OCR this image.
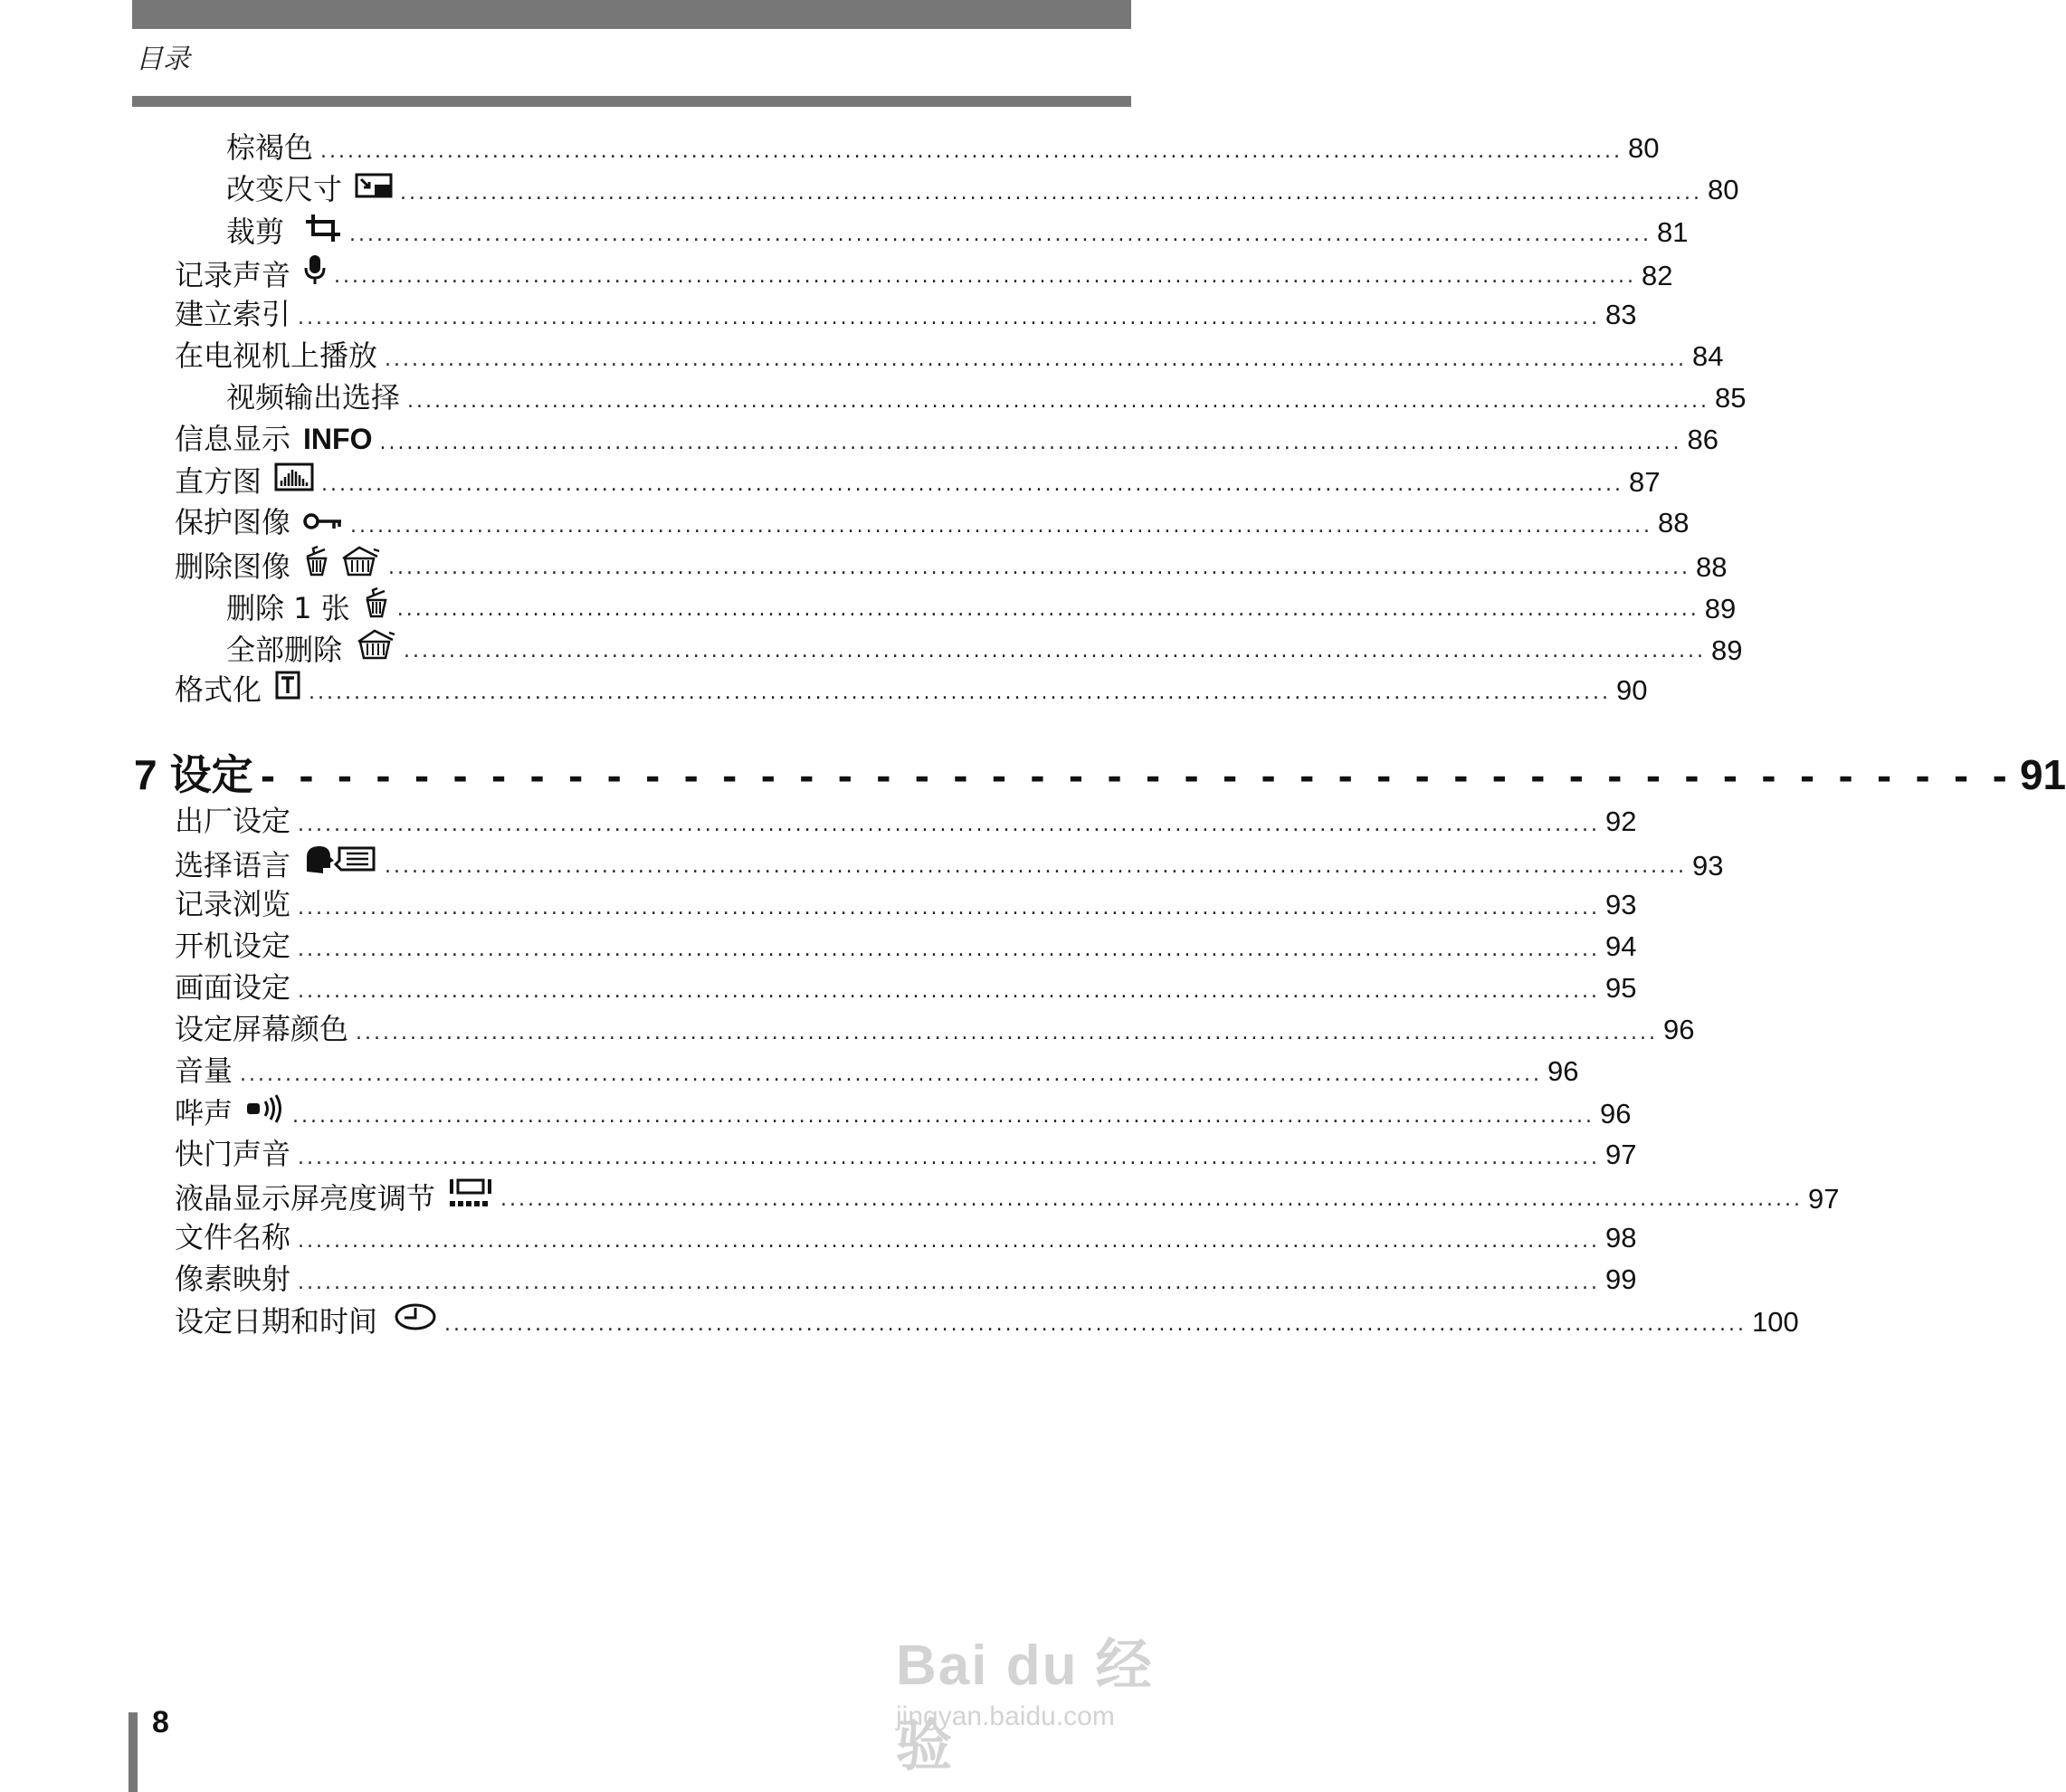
目录
棕褐色 ................................................................................................................................................ 80
改变尺寸	................................................................................................................................................ 80
裁剪	................................................................................................................................................ 81
记录声音 ................................................................................................................................................ 82
建立索引 ................................................................................................................................................ 83
在电视机上播放 ................................................................................................................................................ 84
视频输出选择 ................................................................................................................................................ 85
信息显示 INFO ................................................................................................................................................ 86
直方图	................................................................................................................................................ 87
保护图像	................................................................................................................................................ 88
删除图像	................................................................................................................................................ 88
删除 1 张 ................................................................................................................................................ 89
全部删除	................................................................................................................................................ 89
格式化 ................................................................................................................................................ 90
7 设定 - - - - - - - - - - - - - - - - - - - - - - - - - - - - - - - - - - - - - - - - - - - - - - 91
出厂设定 ................................................................................................................................................ 92
选择语言	................................................................................................................................................ 93
记录浏览 ................................................................................................................................................ 93
开机设定 ................................................................................................................................................ 94
画面设定 ................................................................................................................................................ 95
设定屏幕颜色 ................................................................................................................................................ 96
音量 ................................................................................................................................................ 96
哔声	................................................................................................................................................ 96
快门声音 ................................................................................................................................................ 97
液晶显示屏亮度调节	................................................................................................................................................ 97
文件名称 ................................................................................................................................................ 98
像素映射 ................................................................................................................................................ 99
设定日期和时间	................................................................................................................................................ 100
8
Bai du 经验
jingyan.baidu.com
